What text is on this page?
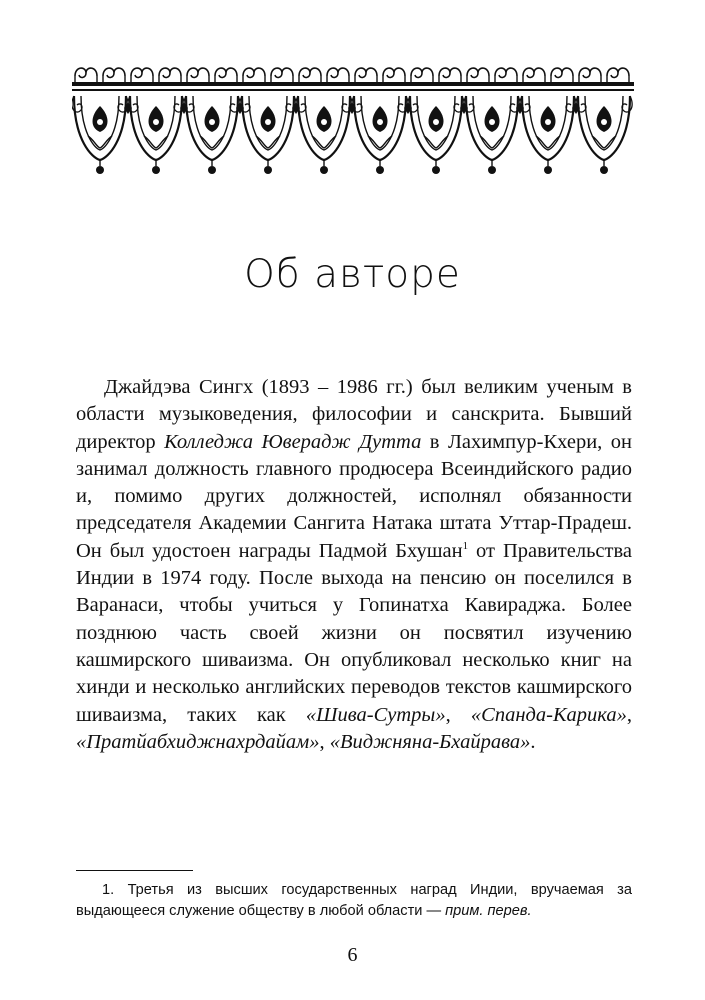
Об авторе

Джайдэва Сингх (1893 – 1986 гг.) был великим ученым в области музыковедения, философии и санскрита. Бывший директор Колледжа Юверадж Дутта в Лахимпур-Кхери, он занимал должность главного продюсера Всеиндийского радио и, помимо других должностей, исполнял обязанности председателя Академии Сангита Натака штата Уттар-Прадеш. Он был удостоен награды Падмой Бхушан$^1$ от Правительства Индии в 1974 году. После выхода на пенсию он поселился в Варанаси, чтобы учиться у Гопинатха Кавираджа. Более позднюю часть своей жизни он посвятил изучению кашмирского шиваизма. Он опубликовал несколько книг на хинди и несколько английских переводов текстов кашмирского шиваизма, таких как «Шива-Сутры», «Спанда-Карика», «Пратйабхиджнахрдайам», «Виджняна-Бхайрава».

1. Третья из высших государственных наград Индии, вручаемая за выдающееся служение обществу в любой области — прим. перев.
6
